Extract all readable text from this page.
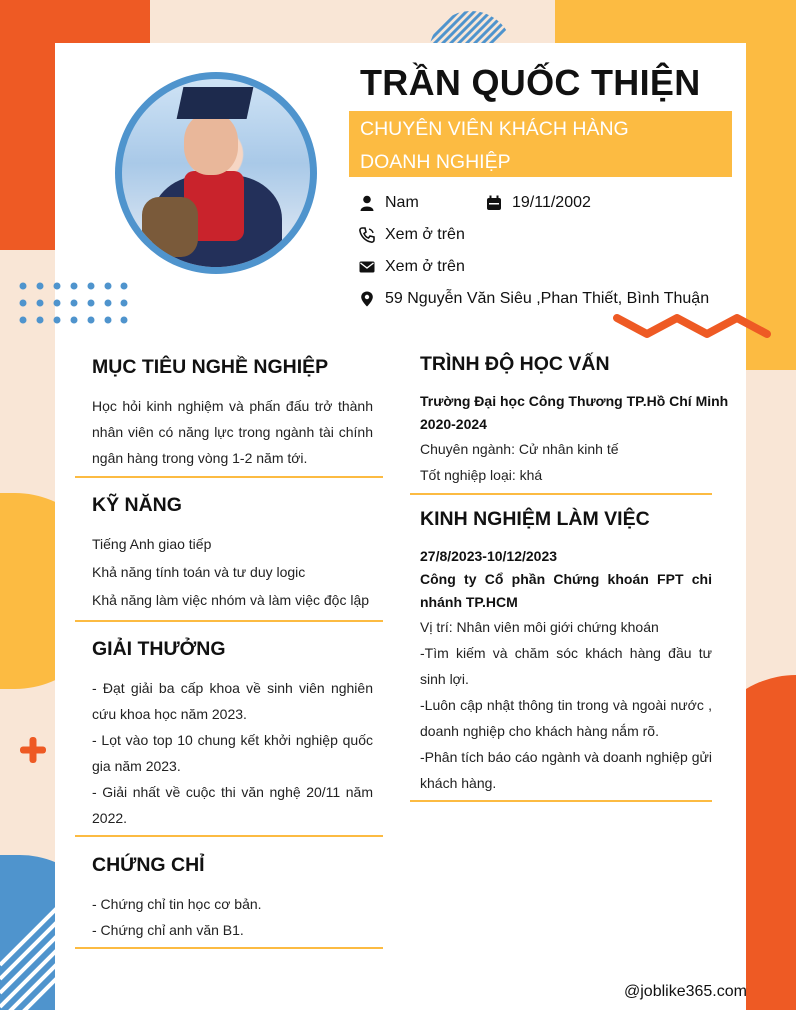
TRẦN QUỐC THIỆN
CHUYÊN VIÊN KHÁCH HÀNG
DOANH NGHIỆP
Nam	19/11/2002
Xem ở trên
Xem ở trên
59 Nguyễn Văn Siêu ,Phan Thiết, Bình Thuận
MỤC TIÊU NGHỀ NGHIỆP
Học hỏi kinh nghiệm và phấn đấu trở thành nhân viên có năng lực trong ngành tài chính ngân hàng trong vòng 1-2 năm tới.
KỸ NĂNG
Tiếng Anh giao tiếp
Khả năng tính toán và tư duy logic
Khả năng làm việc nhóm và làm việc độc lập
GIẢI THƯỞNG
- Đạt giải ba cấp khoa về sinh viên nghiên cứu khoa học năm 2023.
- Lọt vào top 10 chung kết khởi nghiệp quốc gia năm 2023.
- Giải nhất về cuộc thi văn nghệ 20/11 năm 2022.
CHỨNG CHỈ
- Chứng chỉ tin học cơ bản.
- Chứng chỉ anh văn B1.
TRÌNH ĐỘ HỌC VẤN
Trường Đại học Công Thương TP.Hồ Chí Minh
2020-2024
Chuyên ngành: Cử nhân kinh tế
Tốt nghiệp loại: khá
KINH NGHIỆM LÀM VIỆC
27/8/2023-10/12/2023
Công ty Cổ phần Chứng khoán FPT chi nhánh TP.HCM
Vị trí: Nhân viên môi giới chứng khoán
-Tìm kiếm và chăm sóc khách hàng đầu tư sinh lợi.
-Luôn cập nhật thông tin trong và ngoài nước , doanh nghiệp cho khách hàng nắm rõ.
-Phân tích báo cáo ngành và doanh nghiệp gửi khách hàng.
@joblike365.com
